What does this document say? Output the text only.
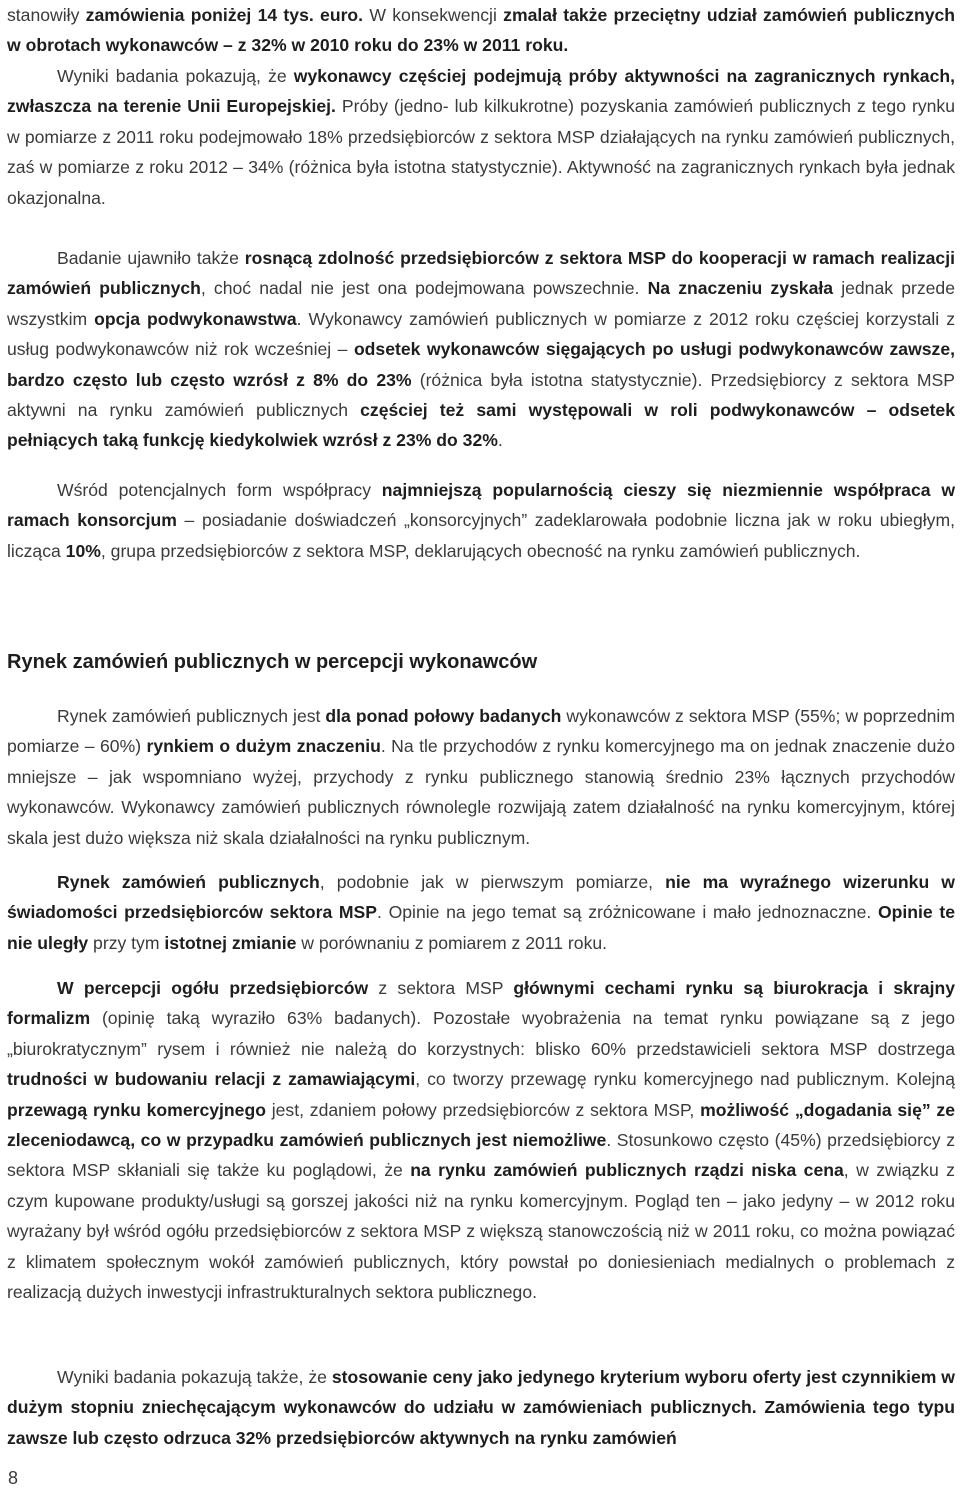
stanowiły zamówienia poniżej 14 tys. euro. W konsekwencji zmalał także przeciętny udział zamówień publicznych w obrotach wykonawców – z 32% w 2010 roku do 23% w 2011 roku.

Wyniki badania pokazują, że wykonawcy częściej podejmują próby aktywności na zagranicznych rynkach, zwłaszcza na terenie Unii Europejskiej. Próby (jedno- lub kilkukrotne) pozyskania zamówień publicznych z tego rynku w pomiarze z 2011 roku podejmowało 18% przedsiębiorców z sektora MSP działających na rynku zamówień publicznych, zaś w pomiarze z roku 2012 – 34% (różnica była istotna statystycznie). Aktywność na zagranicznych rynkach była jednak okazjonalna.

Badanie ujawniło także rosnącą zdolność przedsiębiorców z sektora MSP do kooperacji w ramach realizacji zamówień publicznych, choć nadal nie jest ona podejmowana powszechnie. Na znaczeniu zyskała jednak przede wszystkim opcja podwykonawstwa. Wykonawcy zamówień publicznych w pomiarze z 2012 roku częściej korzystali z usług podwykonawców niż rok wcześniej – odsetek wykonawców sięgających po usługi podwykonawców zawsze, bardzo często lub często wzrósł z 8% do 23% (różnica była istotna statystycznie). Przedsiębiorcy z sektora MSP aktywni na rynku zamówień publicznych częściej też sami występowali w roli podwykonawców – odsetek pełniących taką funkcję kiedykolwiek wzrósł z 23% do 32%.

Wśród potencjalnych form współpracy najmniejszą popularnością cieszy się niezmiennie współpraca w ramach konsorcjum – posiadanie doświadczeń „konsorcyjnych” zadeklarowała podobnie liczna jak w roku ubiegłym, licząca 10%, grupa przedsiębiorców z sektora MSP, deklarujących obecność na rynku zamówień publicznych.

Rynek zamówień publicznych w percepcji wykonawców

Rynek zamówień publicznych jest dla ponad połowy badanych wykonawców z sektora MSP (55%; w poprzednim pomiarze – 60%) rynkiem o dużym znaczeniu. Na tle przychodów z rynku komercyjnego ma on jednak znaczenie dużo mniejsze – jak wspomniano wyżej, przychody z rynku publicznego stanowią średnio 23% łącznych przychodów wykonawców. Wykonawcy zamówień publicznych równolegle rozwijają zatem działalność na rynku komercyjnym, której skala jest dużo większa niż skala działalności na rynku publicznym.

Rynek zamówień publicznych, podobnie jak w pierwszym pomiarze, nie ma wyraźnego wizerunku w świadomości przedsiębiorców sektora MSP. Opinie na jego temat są zróżnicowane i mało jednoznaczne. Opinie te nie uległy przy tym istotnej zmianie w porównaniu z pomiarem z 2011 roku.

W percepcji ogółu przedsiębiorców z sektora MSP głównymi cechami rynku są biurokracja i skrajny formalizm (opinię taką wyraziło 63% badanych). Pozostałe wyobrażenia na temat rynku powiązane są z jego „biurokratycznym” rysem i również nie należą do korzystnych: blisko 60% przedstawicieli sektora MSP dostrzega trudności w budowaniu relacji z zamawiającymi, co tworzy przewagę rynku komercyjnego nad publicznym. Kolejną przewagą rynku komercyjnego jest, zdaniem połowy przedsiębiorców z sektora MSP, możliwość „dogadania się” ze zleceniodawcą, co w przypadku zamówień publicznych jest niemożliwe. Stosunkowo często (45%) przedsiębiorcy z sektora MSP skłaniali się także ku poglądowi, że na rynku zamówień publicznych rządzi niska cena, w związku z czym kupowane produkty/usługi są gorszej jakości niż na rynku komercyjnym. Pogląd ten – jako jedyny – w 2012 roku wyrażany był wśród ogółu przedsiębiorców z sektora MSP z większą stanowczością niż w 2011 roku, co można powiązać z klimatem społecznym wokół zamówień publicznych, który powstał po doniesieniach medialnych o problemach z realizacją dużych inwestycji infrastrukturalnych sektora publicznego.

Wyniki badania pokazują także, że stosowanie ceny jako jedynego kryterium wyboru oferty jest czynnikiem w dużym stopniu zniechęcającym wykonawców do udziału w zamówieniach publicznych. Zamówienia tego typu zawsze lub często odrzuca 32% przedsiębiorców aktywnych na rynku zamówień

8
